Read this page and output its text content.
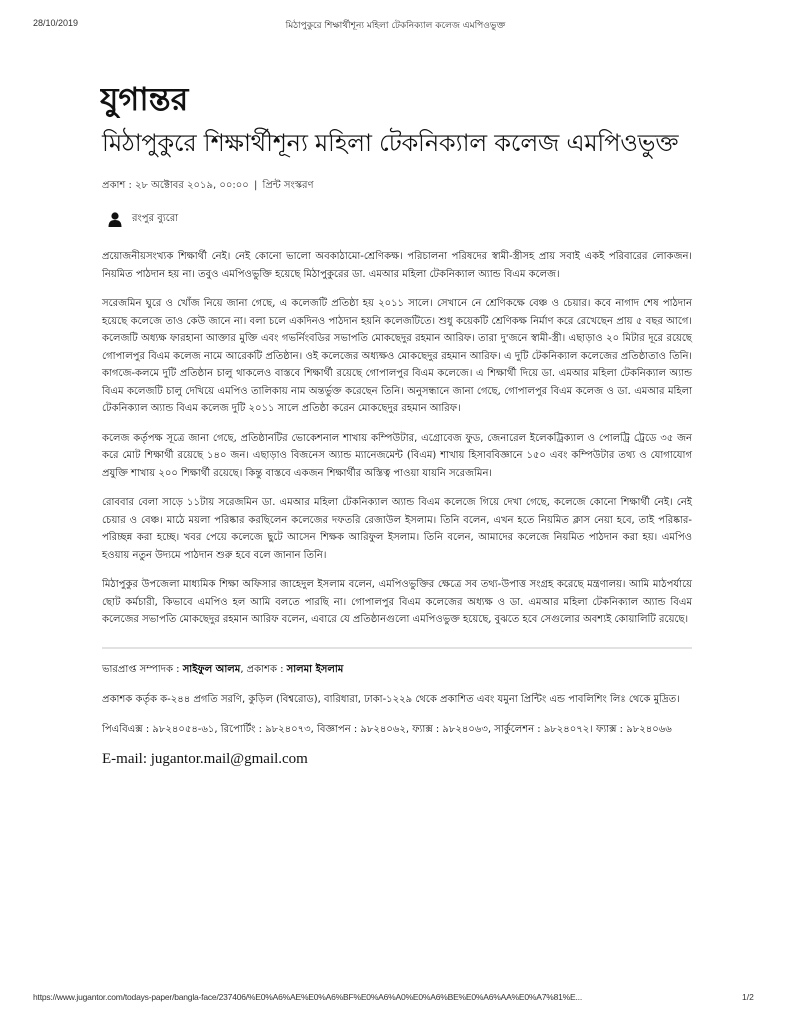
28/10/2019	মিঠাপুকুরে শিক্ষার্থীশূন্য মহিলা টেকনিক্যাল কলেজ এমপিওভুক্ত
যুগান্তর
মিঠাপুকুরে শিক্ষার্থীশূন্য মহিলা টেকনিক্যাল কলেজ এমপিওভুক্ত
প্রকাশ : ২৮ অক্টোবর ২০১৯, ০০:০০ | প্রিন্ট সংস্করণ
রংপুর ব্যুরো

প্রয়োজনীয়সংখ্যক শিক্ষার্থী নেই। নেই কোনো ভালো অবকাঠামো-শ্রেণিকক্ষ। পরিচালনা পরিষদের স্বামী-স্ত্রীসহ প্রায় সবাই একই পরিবারের লোকজন। নিয়মিত পাঠদান হয় না। তবুও এমপিওভুক্তি হয়েছে মিঠাপুকুরের ডা. এমআর মহিলা টেকনিক্যাল অ্যান্ড বিএম কলেজ।

সরেজমিন ঘুরে ও খোঁজ নিয়ে জানা গেছে, এ কলেজটি প্রতিষ্ঠা হয় ২০১১ সালে। সেখানে নে শ্রেণিকক্ষে বেঞ্চ ও চেয়ার। কবে নাগাদ শেষ পাঠদান হয়েছে কলেজে তাও কেউ জানে না। বলা চলে একদিনও পাঠদান হয়নি কলেজটিতে। শুধু কয়েকটি শ্রেণিকক্ষ নির্মাণ করে রেখেছেন প্রায় ৫ বছর আগে। কলেজটি অধ্যক্ষ ফারহানা আক্তার মুক্তি এবং গভর্নিংবডির সভাপতি মোকছেদুর রহমান আরিফ। তারা দু'জনে স্বামী-স্ত্রী। এছাড়াও ২০ মিটার দূরে রয়েছে গোপালপুর বিএম কলেজ নামে আরেকটি প্রতিষ্ঠান। ওই কলেজের অধ্যক্ষও মোকছেদুর রহমান আরিফ। এ দুটি টেকনিক্যাল কলেজের প্রতিষ্ঠাতাও তিনি। কাগজে-কলমে দুটি প্রতিষ্ঠান চালু থাকলেও বাস্তবে শিক্ষার্থী রয়েছে গোপালপুর বিএম কলেজে। এ শিক্ষার্থী দিয়ে ডা. এমআর মহিলা টেকনিক্যাল অ্যান্ড বিএম কলেজটি চালু দেখিয়ে এমপিও তালিকায় নাম অন্তর্ভুক্ত করেছেন তিনি। অনুসন্ধানে জানা গেছে, গোপালপুর বিএম কলেজ ও ডা. এমআর মহিলা টেকনিক্যাল অ্যান্ড বিএম কলেজ দুটি ২০১১ সালে প্রতিষ্ঠা করেন মোকছেদুর রহমান আরিফ।

কলেজ কর্তৃপক্ষ সূত্রে জানা গেছে, প্রতিষ্ঠানটির ভোকেশনাল শাখায় কম্পিউটার, এগ্রোবেজ ফুড, জেনারেল ইলেকট্রিক্যাল ও পোলট্রি ট্রেডে ৩৫ জন করে মোট শিক্ষার্থী রয়েছে ১৪০ জন। এছাড়াও বিজনেস অ্যান্ড ম্যানেজমেন্ট (বিএম) শাখায় হিসাববিজ্ঞানে ১৫০ এবং কম্পিউটার তথ্য ও যোগাযোগ প্রযুক্তি শাখায় ২০০ শিক্ষার্থী রয়েছে। কিন্তু বাস্তবে একজন শিক্ষার্থীর অস্তিত্ব পাওয়া যায়নি সরেজমিন।

রোববার বেলা সাড়ে ১১টায় সরেজমিন ডা. এমআর মহিলা টেকনিক্যাল অ্যান্ড বিএম কলেজে গিয়ে দেখা গেছে, কলেজে কোনো শিক্ষার্থী নেই। নেই চেয়ার ও বেঞ্চ। মাঠে ময়লা পরিষ্কার করছিলেন কলেজের দফতরি রেজাউল ইসলাম। তিনি বলেন, এখন হতে নিয়মিত ক্লাস নেয়া হবে, তাই পরিষ্কার-পরিচ্ছন্ন করা হচ্ছে। খবর পেয়ে কলেজে ছুটে আসেন শিক্ষক আরিফুল ইসলাম। তিনি বলেন, আমাদের কলেজে নিয়মিত পাঠদান করা হয়। এমপিও হওয়ায় নতুন উদ্যমে পাঠদান শুরু হবে বলে জানান তিনি।

মিঠাপুকুর উপজেলা মাধ্যমিক শিক্ষা অফিসার জাহেদুল ইসলাম বলেন, এমপিওভুক্তির ক্ষেত্রে সব তথ্য-উপাত্ত সংগ্রহ করেছে মন্ত্রণালয়। আমি মাঠপর্যায়ে ছোট কর্মচারী, কিভাবে এমপিও হল আমি বলতে পারছি না। গোপালপুর বিএম কলেজের অধ্যক্ষ ও ডা. এমআর মহিলা টেকনিক্যাল অ্যান্ড বিএম কলেজের সভাপতি মোকছেদুর রহমান আরিফ বলেন, এবারে যে প্রতিষ্ঠানগুলো এমপিওভুক্ত হয়েছে, বুঝতে হবে সেগুলোর অবশ্যই কোয়ালিটি রয়েছে।

ভারপ্রাপ্ত সম্পাদক : সাইফুল আলম, প্রকাশক : সালমা ইসলাম

প্রকাশক কর্তৃক ক-২৪৪ প্রগতি সরণি, কুড়িল (বিশ্বরোড), বারিধারা, ঢাকা-১২২৯ থেকে প্রকাশিত এবং যমুনা প্রিন্টিং এন্ড পাবলিশিং লিঃ থেকে মুদ্রিত।

পিএবিএক্স : ৯৮২৪০৫৪-৬১, রিপোর্টিং : ৯৮২৪০৭৩, বিজ্ঞাপন : ৯৮২৪০৬২, ফ্যাক্স : ৯৮২৪০৬৩, সার্কুলেশন : ৯৮২৪০৭২। ফ্যাক্স : ৯৮২৪০৬৬

E-mail: jugantor.mail@gmail.com
https://www.jugantor.com/todays-paper/bangla-face/237406/%E0%A6%AE%E0%A6%BF%E0%A6%A0%E0%A6%BE%E0%A6%AA%E0%A7%81%E...	1/2
